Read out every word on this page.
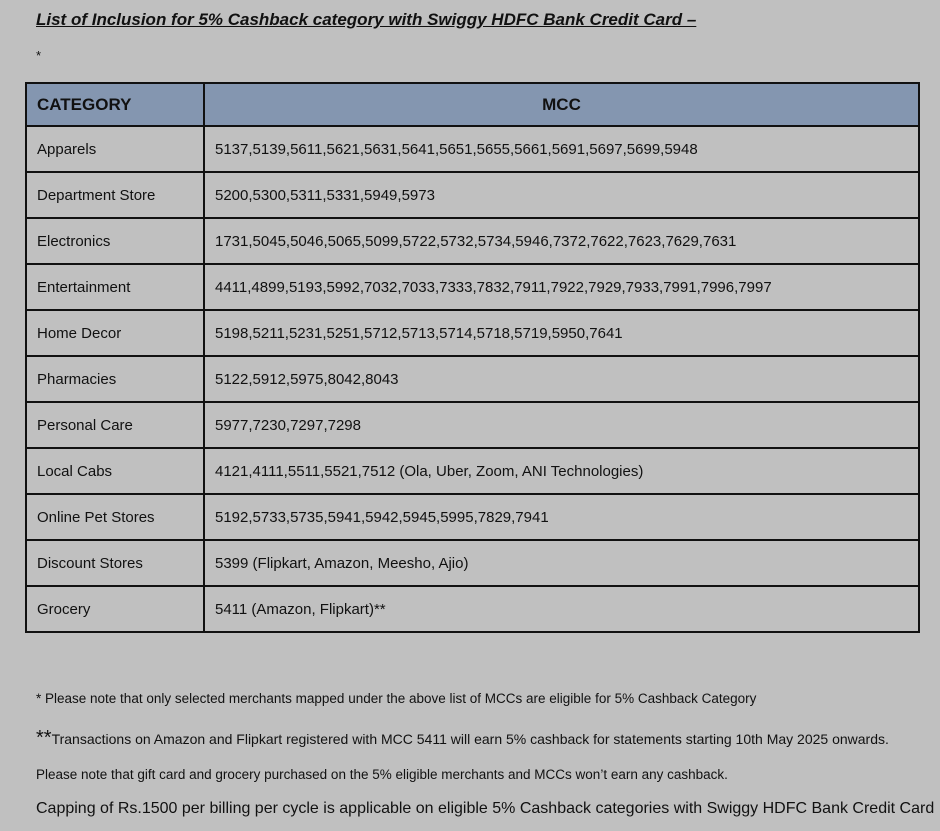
List of Inclusion for 5% Cashback category with Swiggy HDFC Bank Credit Card –
*
CATEGORY	MCC
Apparels	5137,5139,5611,5621,5631,5641,5651,5655,5661,5691,5697,5699,5948
Department Store	5200,5300,5311,5331,5949,5973
Electronics	1731,5045,5046,5065,5099,5722,5732,5734,5946,7372,7622,7623,7629,7631
Entertainment	4411,4899,5193,5992,7032,7033,7333,7832,7911,7922,7929,7933,7991,7996,7997
Home Decor	5198,5211,5231,5251,5712,5713,5714,5718,5719,5950,7641
Pharmacies	5122,5912,5975,8042,8043
Personal Care	5977,7230,7297,7298
Local Cabs	4121,4111,5511,5521,7512 (Ola, Uber, Zoom, ANI Technologies)
Online Pet Stores	5192,5733,5735,5941,5942,5945,5995,7829,7941
Discount Stores	5399 (Flipkart, Amazon, Meesho, Ajio)
Grocery	5411 (Amazon, Flipkart)**
* Please note that only selected merchants mapped under the above list of MCCs are eligible for 5% Cashback Category
**Transactions on Amazon and Flipkart registered with MCC 5411 will earn 5% cashback for statements starting 10th May 2025 onwards.
Please note that gift card and grocery purchased on the 5% eligible merchants and MCCs won’t earn any cashback.
Capping of Rs.1500 per billing per cycle is applicable on eligible 5% Cashback categories with Swiggy HDFC Bank Credit Card
